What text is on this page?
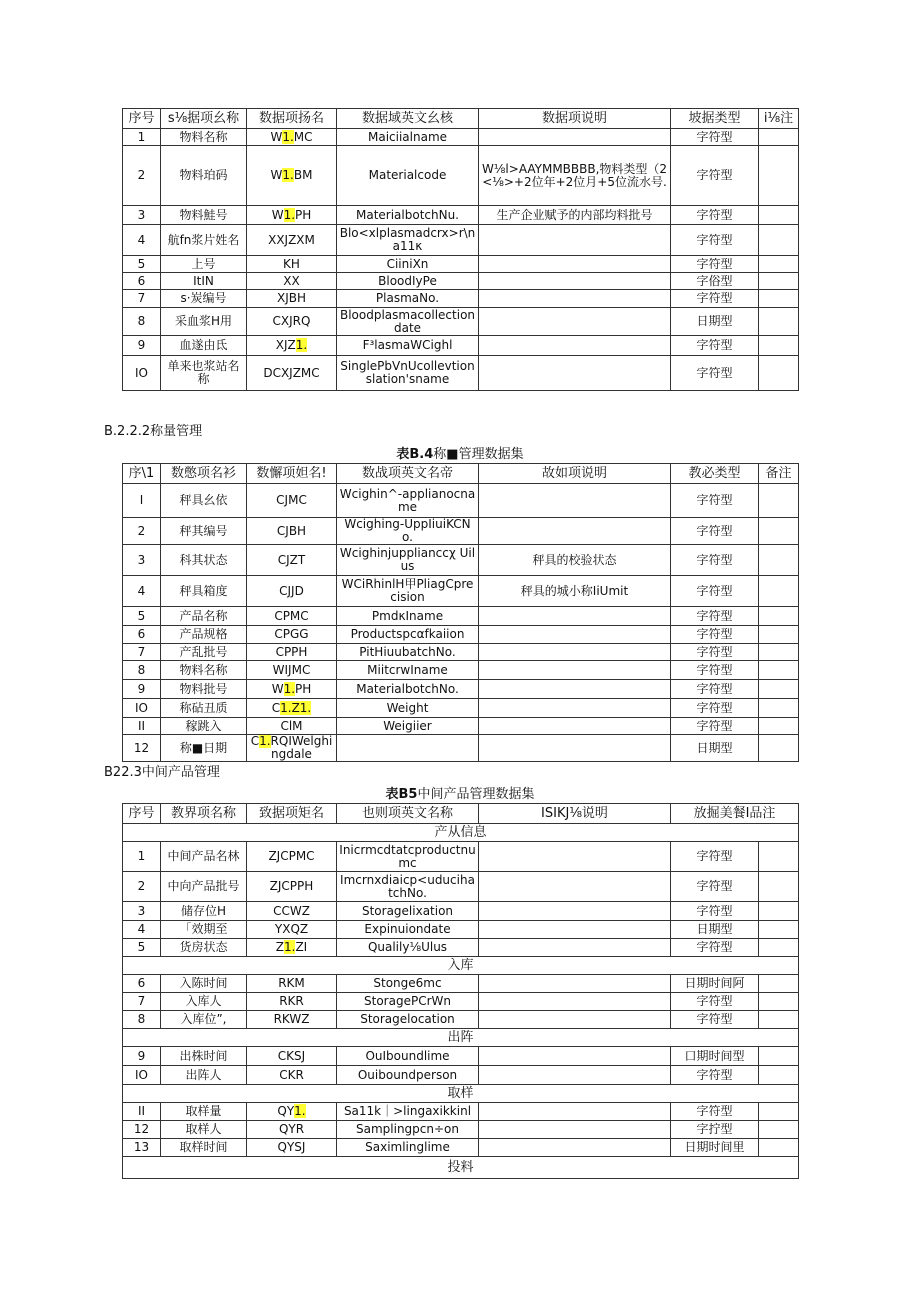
序号	s⅛据项幺称	数据项扬名	数据域英文幺核	数据项说明	坡据类型	i⅛注
1	物料名称	W1.MC	Maiciialname		字符型	
2	物料珀码	W1.BM	Materialcode	W⅛l>AAYMMBBBB,物料类型（2<⅛>+2位年+2位月+5位流水号.	字符型	
3	物料鮭号	W1.PH	MaterialbotchNu.	生产企业赋予的内部均料批号	字符型	
4	航fn浆片姓名	XXJZXM	Blo<xlplasmadcrx>r\na11κ		字符型	
5	上号	KH	CiiniXn		字符型	
6	ItIN	XX	BloodIyPe		字俗型	
7	s·炭编号	XJBH	PlasmaNo.		字符型	
8	采血浆H用	CXJRQ	Bloodplasmacollectiondate		日期型	
9	血遂由氐	XJZ1.	F³lasmaWCighl		字符型	
IO	单来也浆站名称	DCXJZMC	SinglePbVnUcollevtionslation'sname		字符型	
B.2.2.2称量管理

表B.4称■管理数据集

序\1	数憋项名衫	数懈项妲名!	数战项英文名帝	故如项说明	教必类型	备注
I	秤具幺依	CJMC	Wcighin^-applianocname		字符型	
2	秤其编号	CJBH	Wcighing-UppIiuiKCNo.		字符型	
3	科其状态	CJZT	Wcighinjupplianccχ Uilus	秤具的校验状态	字符型	
4	秤具箱度	CJJD	WCiRhinlH甲PliagCprecision	秤具的城小称IiUmit	字符型	
5	产品名称	CPMC	PmdκIname		字符型	
6	产品规格	CPGG	Productspcαfkaiion		字符型	
7	产乱批号	CPPH	PitHiuubatchNo.		字符型	
8	物料名称	WIJMC	MiitcrwIname		字符型	
9	物料批号	W1.PH	MaterialbotchNo.		字符型	
IO	称砧丑质	C1.Z1.	Weight		字符型	
II	稼跳入	ClM	Weigiier		字符型	
12	称■日期	C1.RQIWelghingdale			日期型	
B22.3中间产品管理

表B5中间产品管理数据集

序号	教界项名称	致据项矩名	也则项英文名称	ISIKJ⅛说明	放掘美餐I品注	
产从信息						
1	中间产品名林	ZJCPMC	Inicrmcdtatcproductnumc		字符型	
2	中向产品批号	ZJCPPH	Imcrnxdiaicp<uducihatchNo.		字符型	
3	储存位H	CCWZ	Storagelixation		字符型	
4	「效期至	YXQZ	Expinuiondate		日期型	
5	货房状态	Z1.ZI	Qualily⅛Ulus		字符型	
入库						
6	入陈时间	RKM	Stonge6mc		日期时间阿	
7	入库人	RKR	StoragePCrWn		字符型	
8	入库位”,	RKWZ	Storagelocation		字符型	
出阵						
9	出株时间	CKSJ	OuIboundlime		口期时间型	
IO	出阵人	CKR	Ouiboundperson		字符型	
取样						
II	取样量	QY1.	Sa11k｜>lingaxikkinl		字符型	
12	取样人	QYR	Samplingpcn÷on		字拧型	
13	取样时间	QYSJ	Saximlinglime		日期时间里	
投料						
